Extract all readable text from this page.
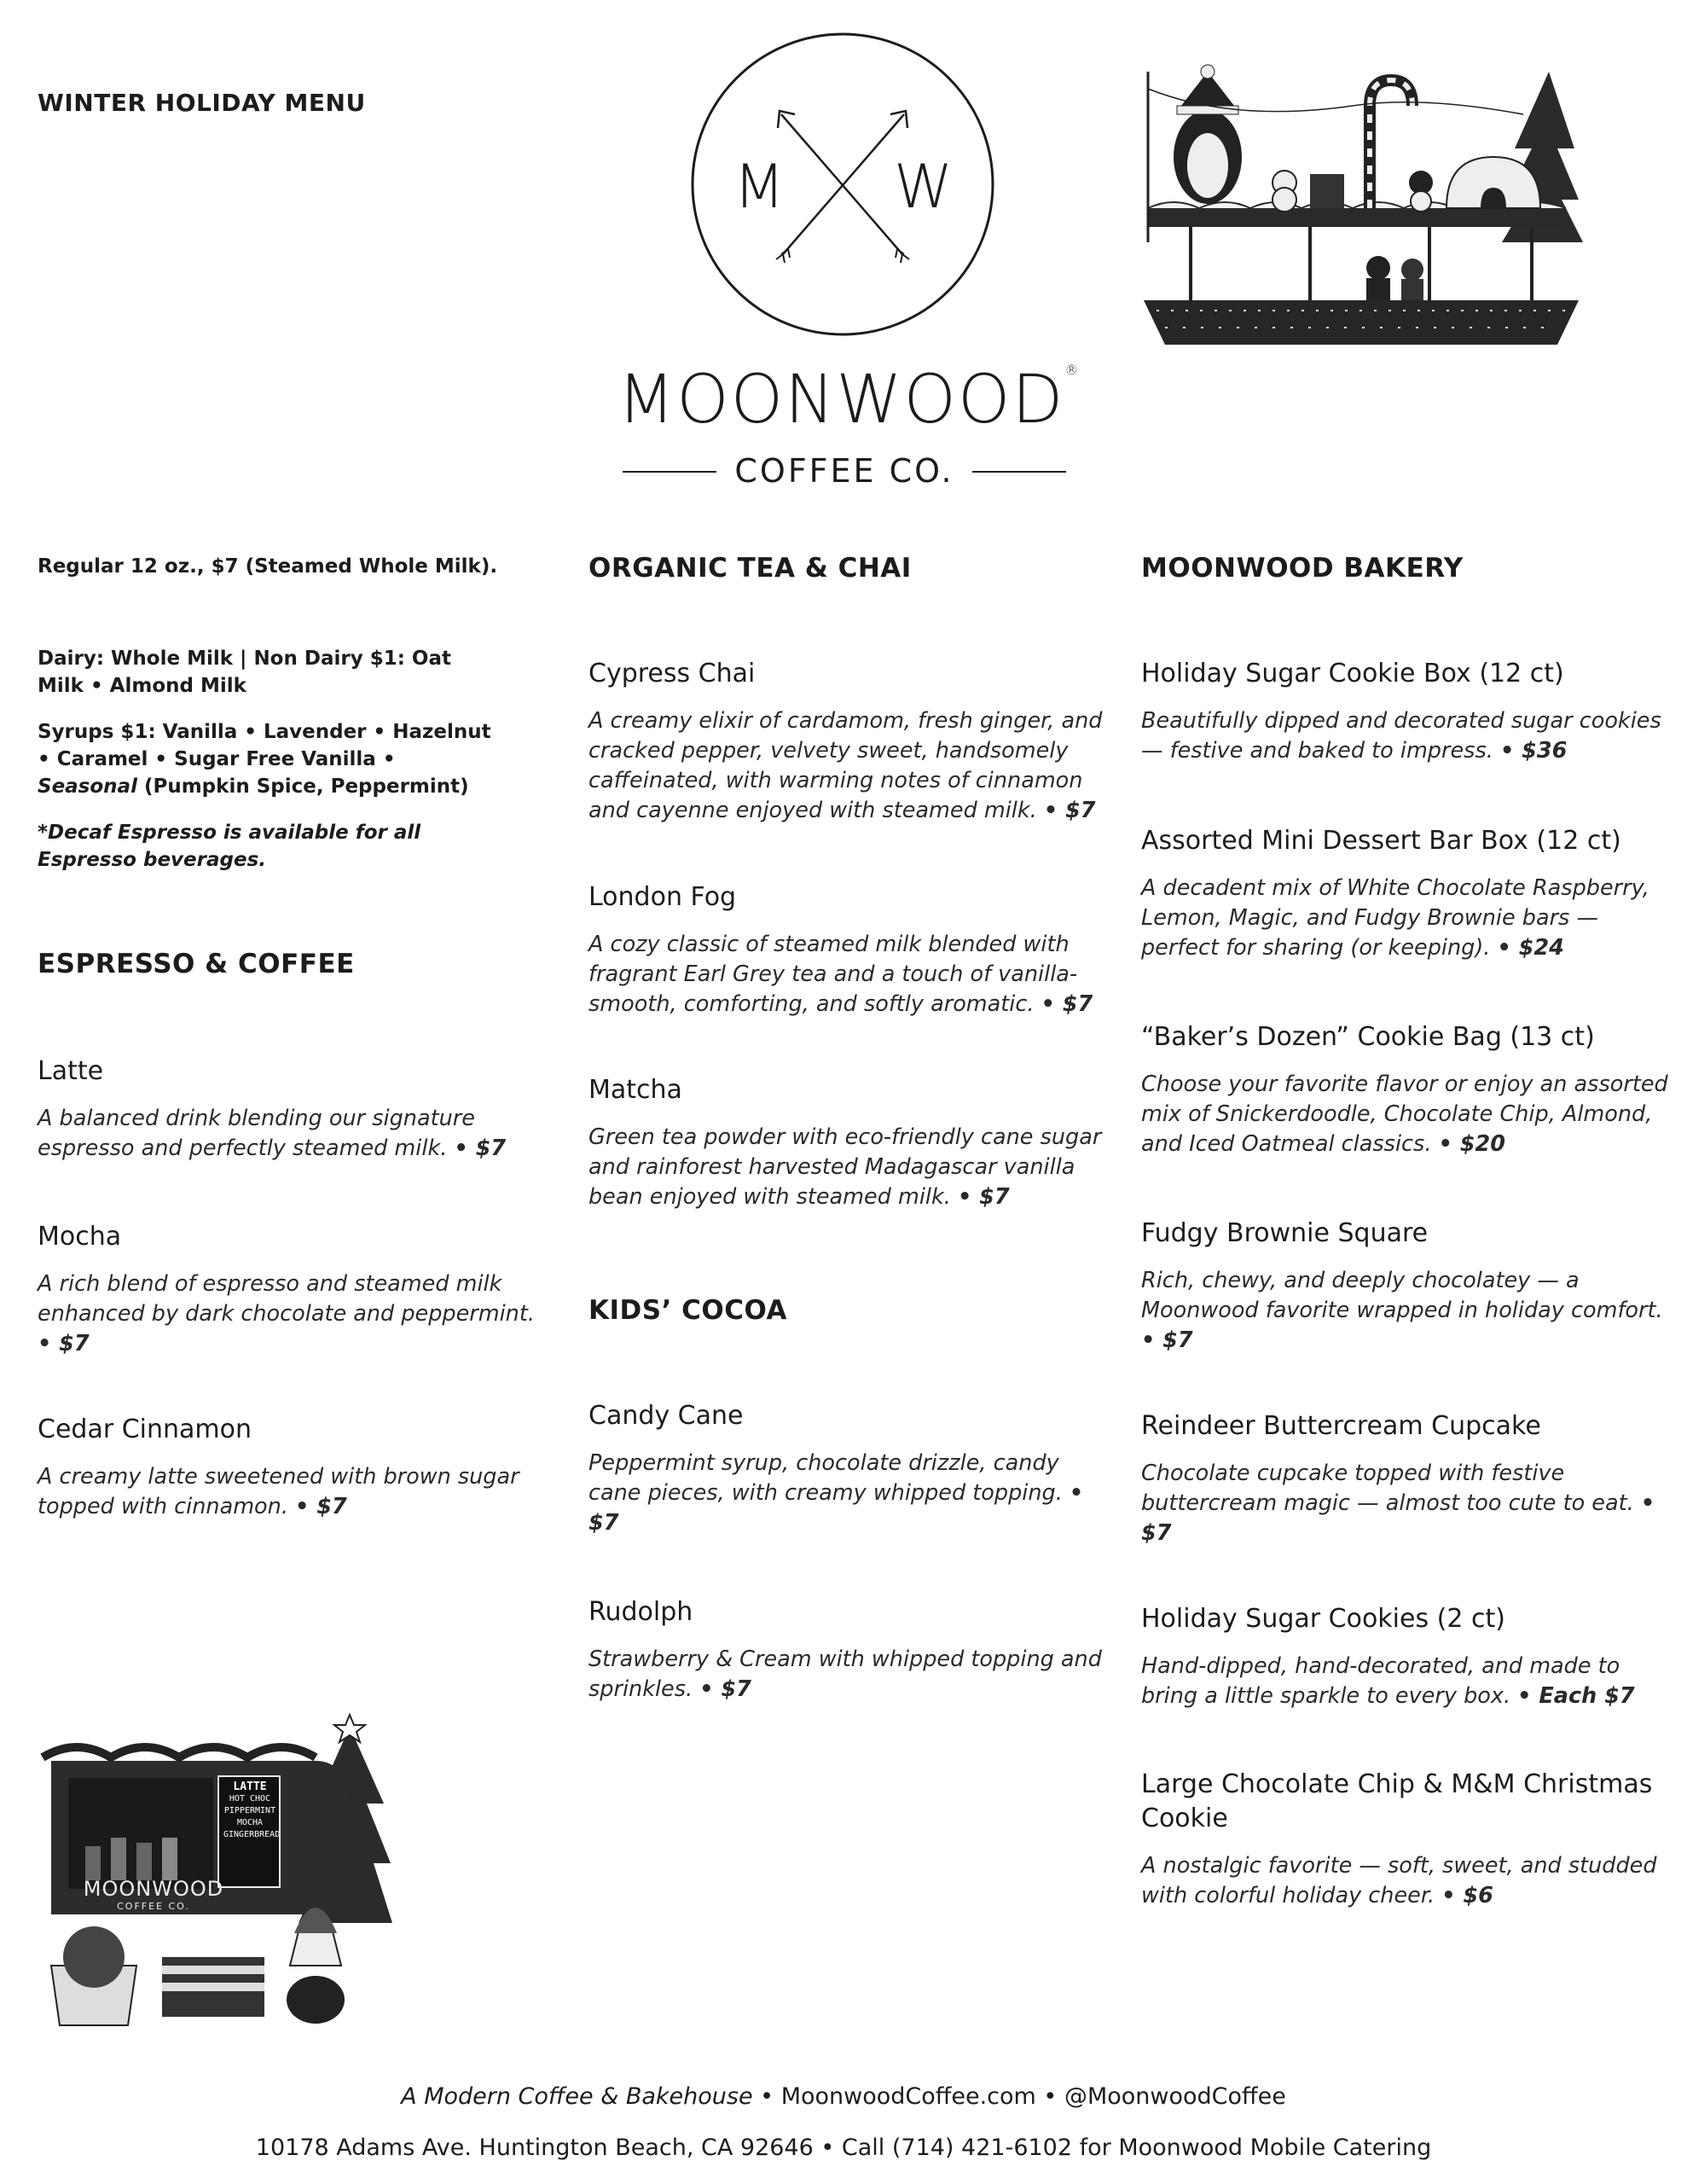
WINTER HOLIDAY MENU
M W
MOONWOOD®
COFFEE CO.
Regular 12 oz., $7 (Steamed Whole Milk).
Dairy: Whole Milk | Non Dairy $1: Oat Milk • Almond Milk
Syrups $1: Vanilla • Lavender • Hazelnut • Caramel • Sugar Free Vanilla • Seasonal (Pumpkin Spice, Peppermint)
*Decaf Espresso is available for all Espresso beverages.
ESPRESSO & COFFEE
Latte
A balanced drink blending our signature espresso and perfectly steamed milk. • $7
Mocha
A rich blend of espresso and steamed milk enhanced by dark chocolate and peppermint. • $7
Cedar Cinnamon
A creamy latte sweetened with brown sugar topped with cinnamon. • $7
LATTE
HOT CHOC
PIPPERMINT
MOCHA
GINGERBREAD
MOONWOOD
COFFEE CO.
ORGANIC TEA & CHAI
Cypress Chai
A creamy elixir of cardamom, fresh ginger, and cracked pepper, velvety sweet, handsomely caffeinated, with warming notes of cinnamon and cayenne enjoyed with steamed milk. • $7
London Fog
A cozy classic of steamed milk blended with fragrant Earl Grey tea and a touch of vanilla-smooth, comforting, and softly aromatic. • $7
Matcha
Green tea powder with eco-friendly cane sugar and rainforest harvested Madagascar vanilla bean enjoyed with steamed milk. • $7
KIDS’ COCOA
Candy Cane
Peppermint syrup, chocolate drizzle, candy cane pieces, with creamy whipped topping. • $7
Rudolph
Strawberry & Cream with whipped topping and sprinkles. • $7
MOONWOOD BAKERY
Holiday Sugar Cookie Box (12 ct)
Beautifully dipped and decorated sugar cookies — festive and baked to impress. • $36
Assorted Mini Dessert Bar Box (12 ct)
A decadent mix of White Chocolate Raspberry, Lemon, Magic, and Fudgy Brownie bars — perfect for sharing (or keeping). • $24
“Baker’s Dozen” Cookie Bag (13 ct)
Choose your favorite flavor or enjoy an assorted mix of Snickerdoodle, Chocolate Chip, Almond, and Iced Oatmeal classics. • $20
Fudgy Brownie Square
Rich, chewy, and deeply chocolatey — a Moonwood favorite wrapped in holiday comfort. • $7
Reindeer Buttercream Cupcake
Chocolate cupcake topped with festive buttercream magic — almost too cute to eat. • $7
Holiday Sugar Cookies (2 ct)
Hand-dipped, hand-decorated, and made to bring a little sparkle to every box. • Each $7
Large Chocolate Chip & M&M Christmas Cookie
A nostalgic favorite — soft, sweet, and studded with colorful holiday cheer. • $6
A Modern Coffee & Bakehouse • MoonwoodCoffee.com • @MoonwoodCoffee
10178 Adams Ave. Huntington Beach, CA 92646 • Call (714) 421-6102 for Moonwood Mobile Catering
